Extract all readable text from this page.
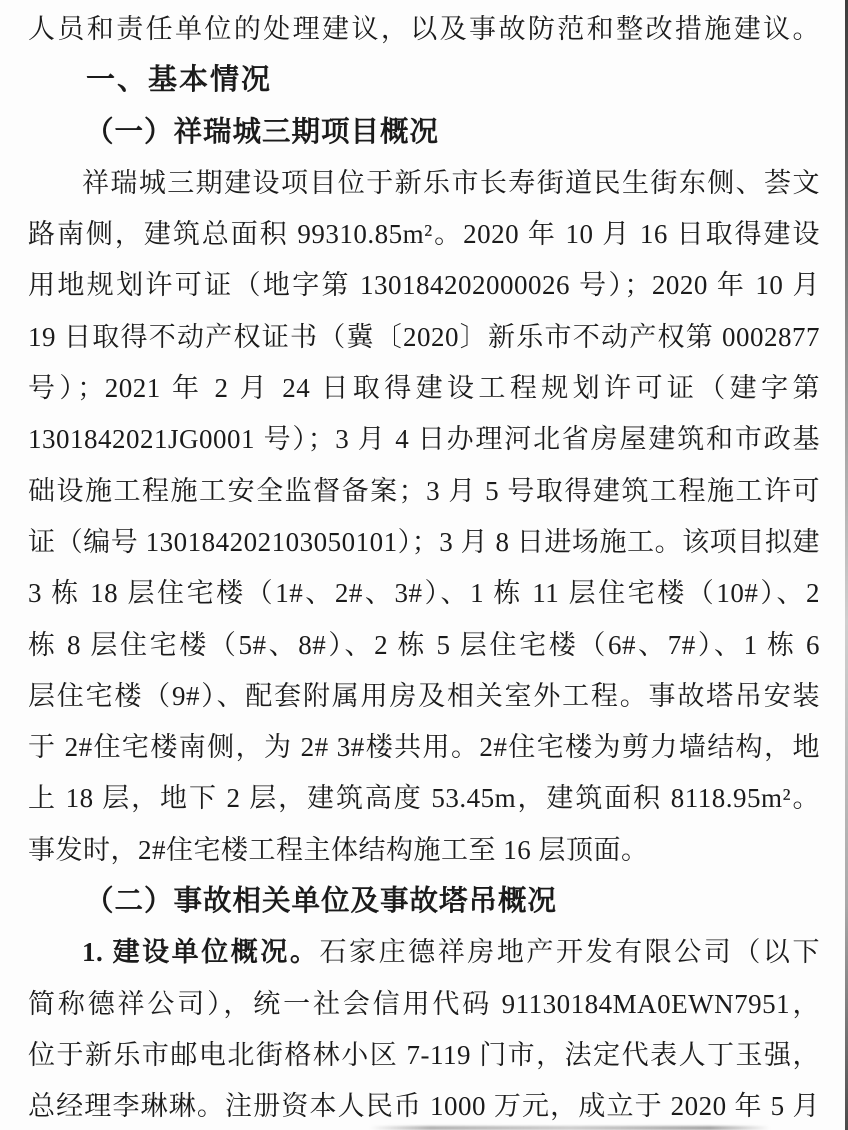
人员和责任单位的处理建议，以及事故防范和整改措施建议。
一、基本情况
（一）祥瑞城三期项目概况
祥瑞城三期建设项目位于新乐市长寿街道民生街东侧、荟文
路南侧，建筑总面积 99310.85m²。2020 年 10 月 16 日取得建设
用地规划许可证（地字第 130184202000026 号）；2020 年 10 月
19 日取得不动产权证书（冀〔2020〕新乐市不动产权第 0002877
号）；2021 年 2 月 24 日取得建设工程规划许可证（建字第
1301842021JG0001 号）；3 月 4 日办理河北省房屋建筑和市政基
础设施工程施工安全监督备案；3 月 5 号取得建筑工程施工许可
证（编号 130184202103050101）；3 月 8 日进场施工。该项目拟建
3 栋 18 层住宅楼（1#、2#、3#）、1 栋 11 层住宅楼（10#）、2
栋 8 层住宅楼（5#、8#）、2 栋 5 层住宅楼（6#、7#）、1 栋 6
层住宅楼（9#）、配套附属用房及相关室外工程。事故塔吊安装
于 2#住宅楼南侧，为 2# 3#楼共用。2#住宅楼为剪力墙结构，地
上 18 层，地下 2 层，建筑高度 53.45m，建筑面积 8118.95m²。
事发时，2#住宅楼工程主体结构施工至 16 层顶面。
（二）事故相关单位及事故塔吊概况
1. 建设单位概况。石家庄德祥房地产开发有限公司（以下
简称德祥公司），统一社会信用代码 91130184MA0EWN7951，
位于新乐市邮电北街格林小区 7-119 门市，法定代表人丁玉强，
总经理李琳琳。注册资本人民币 1000 万元，成立于 2020 年 5 月
